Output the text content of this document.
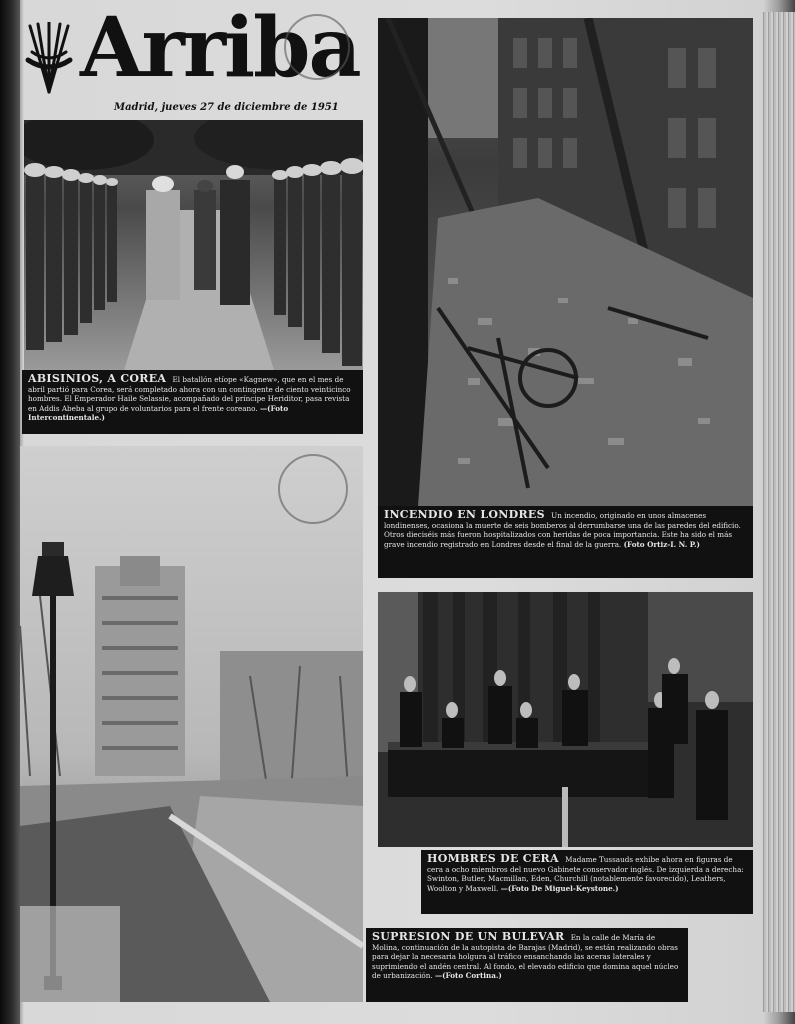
Arriba
Madrid, jueves 27 de diciembre de 1951
ABISINIOS, A COREA El batallón etíope «Kagnew», que en el mes de abril partió para Corea, será completado ahora con un contingente de ciento veinticinco hombres. El Emperador Haile Selassie, acompañado del príncipe Heriditor, pasa revista en Addis Abeba al grupo de voluntarios para el frente coreano. —(Foto Intercontinentale.)
INCENDIO EN LONDRES Un incendio, originado en unos almacenes londinenses, ocasiona la muerte de seis bomberos al derrumbarse una de las paredes del edificio. Otros dieciséis más fueron hospitalizados con heridas de poca importancia. Este ha sido el más grave incendio registrado en Londres desde el final de la guerra. (Foto Ortiz-I. N. P.)
HOMBRES DE CERA Madame Tussauds exhibe ahora en figuras de cera a ocho miembros del nuevo Gabinete conservador inglés. De izquierda a derecha: Swinton, Butler, Macmillan, Eden, Churchill (notablemente favorecido), Leathers, Woolton y Maxwell. —(Foto De Miguel-Keystone.)
SUPRESION DE UN BULEVAR En la calle de María de Molina, continuación de la autopista de Barajas (Madrid), se están realizando obras para dejar la necesaria holgura al tráfico ensanchando las aceras laterales y suprimiendo el andén central. Al fondo, el elevado edificio que domina aquel núcleo de urbanización. —(Foto Cortina.)
